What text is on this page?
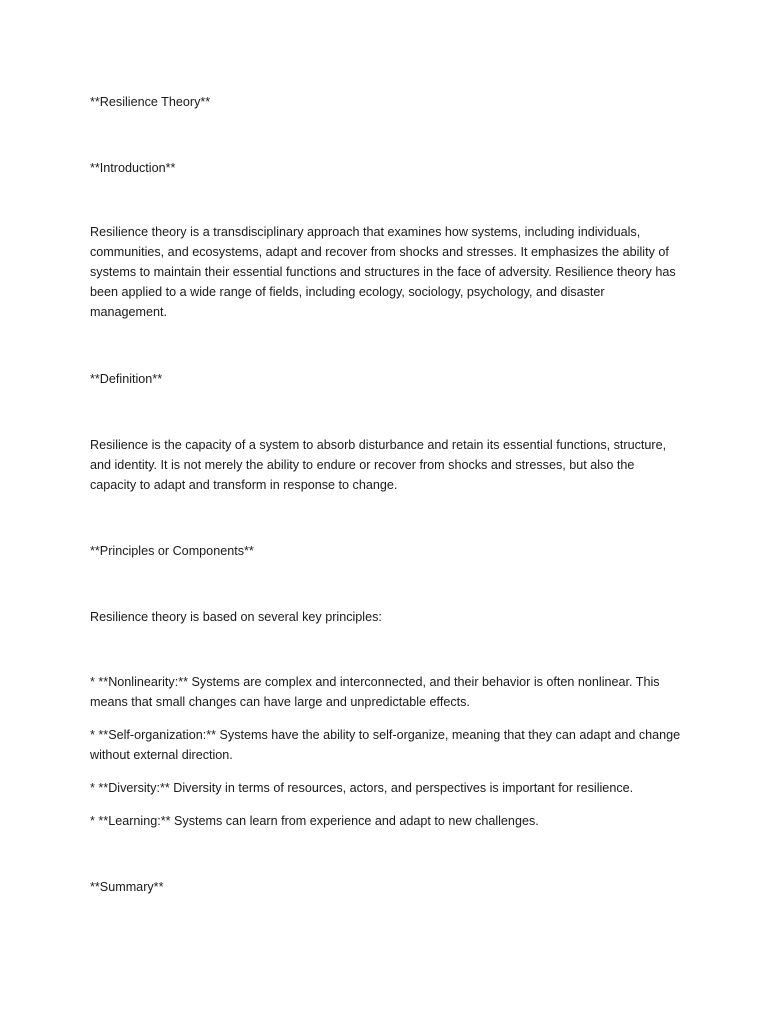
**Resilience Theory**

**Introduction**

Resilience theory is a transdisciplinary approach that examines how systems, including individuals, communities, and ecosystems, adapt and recover from shocks and stresses. It emphasizes the ability of systems to maintain their essential functions and structures in the face of adversity. Resilience theory has been applied to a wide range of fields, including ecology, sociology, psychology, and disaster management.

**Definition**

Resilience is the capacity of a system to absorb disturbance and retain its essential functions, structure, and identity. It is not merely the ability to endure or recover from shocks and stresses, but also the capacity to adapt and transform in response to change.

**Principles or Components**

Resilience theory is based on several key principles:

* **Nonlinearity:** Systems are complex and interconnected, and their behavior is often nonlinear. This means that small changes can have large and unpredictable effects.

* **Self-organization:** Systems have the ability to self-organize, meaning that they can adapt and change without external direction.

* **Diversity:** Diversity in terms of resources, actors, and perspectives is important for resilience.

* **Learning:** Systems can learn from experience and adapt to new challenges.

**Summary**
